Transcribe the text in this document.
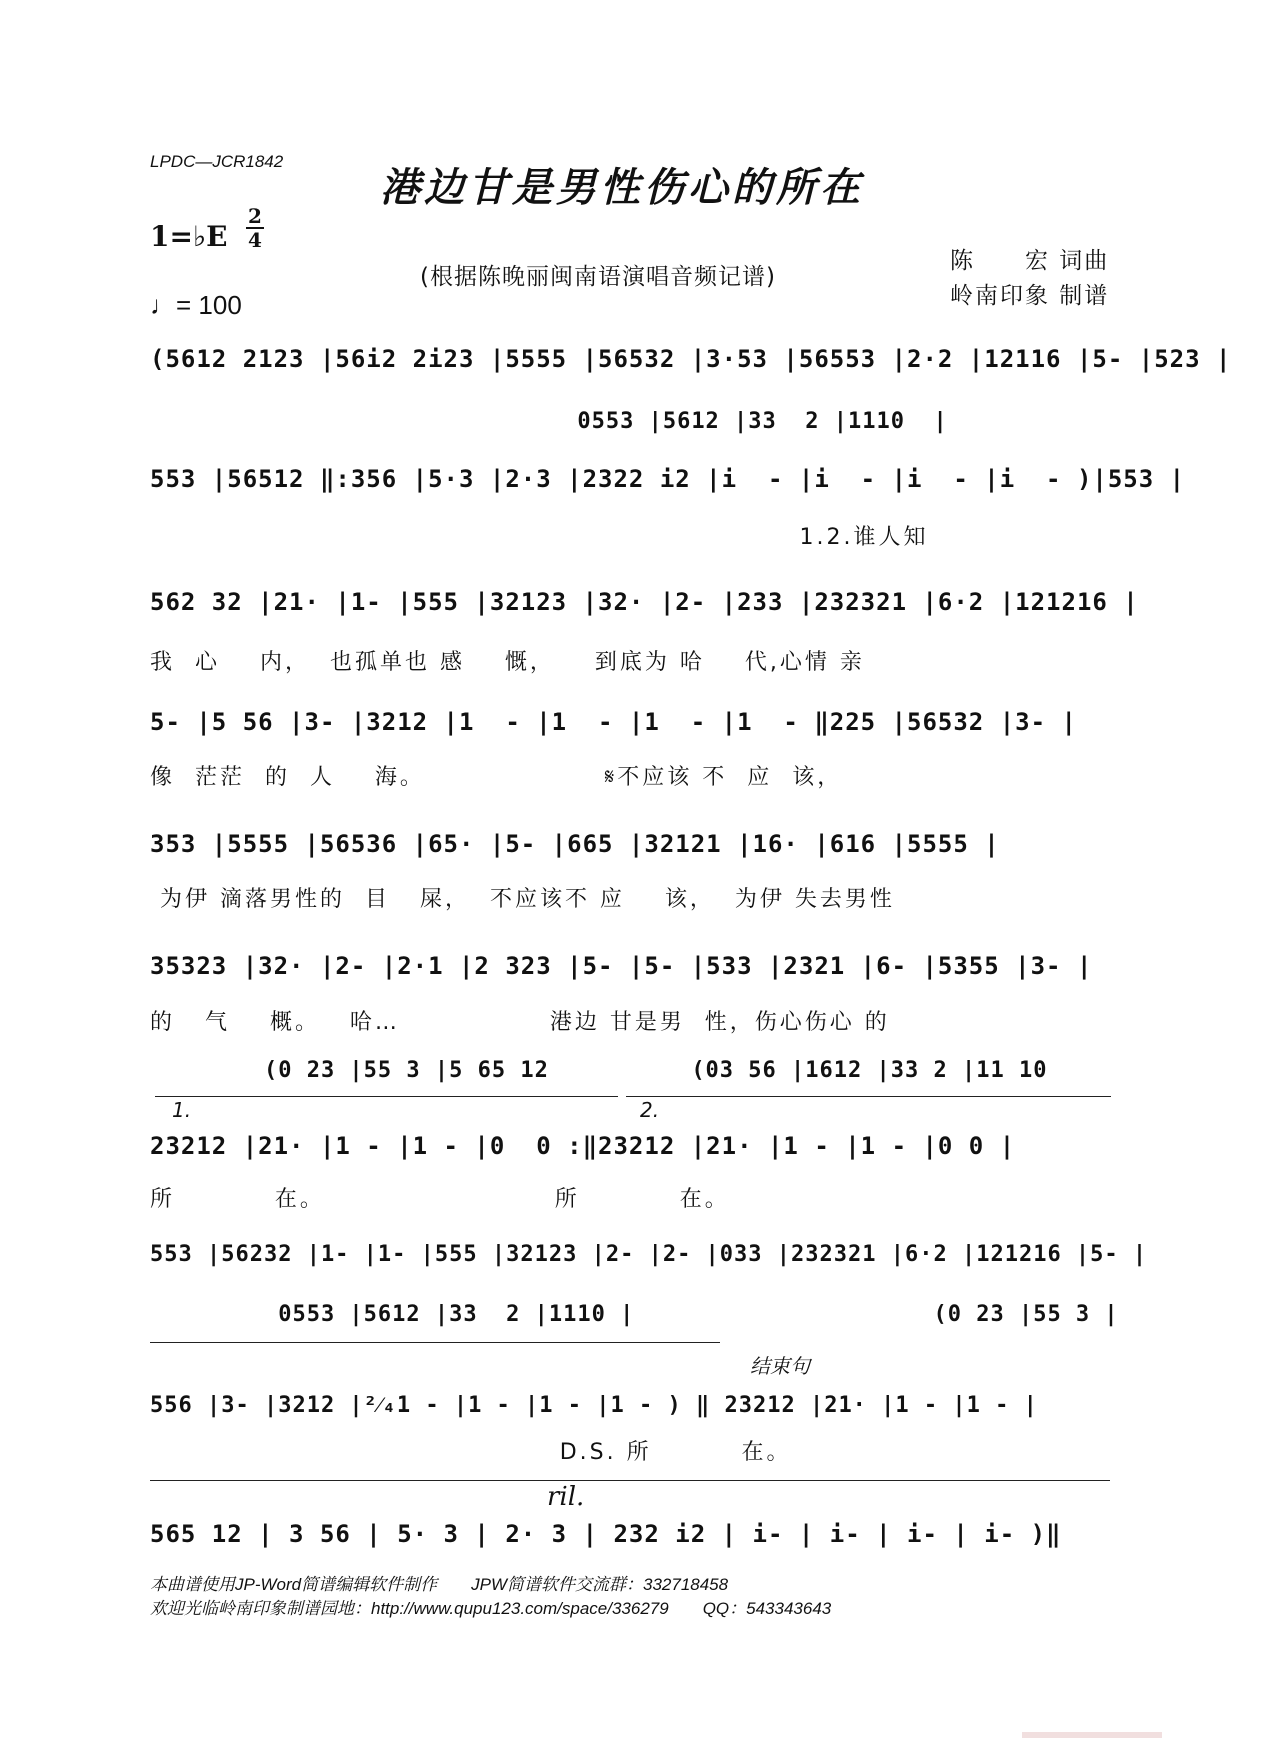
LPDC—JCR1842
港边甘是男性伤心的所在
1=♭E
2
4
♩= 100
(根据陈晚丽闽南语演唱音频记谱)
陈　　宏 词曲
岭南印象 制谱
(5612 2123 |56i2 2i23 |5555 |56532 |3·53 |56553 |2·2 |12116 |5- |523 |
0553 |5612 |33  2 |1110  |
553 |56512 ‖:356 |5·3 |2·3 |2322 i2 |i  - |i  - |i  - |i  - )|553 |
1.2.谁人知
562 32 |21· |1- |555 |32123 |32· |2- |233 |232321 |6·2 |121216 |
我  心    内，  也孤单也 感    慨，    到底为 哈    代,心情 亲
5- |5 56 |3- |3212 |1  - |1  - |1  - |1  - ‖225 |56532 |3- |
像  茫茫  的  人    海。                  𝄋不应该 不  应  该，
353 |5555 |56536 |65· |5- |665 |32121 |16· |616 |5555 |
为伊 滴落男性的  目   屎，  不应该不 应    该，  为伊 失去男性
35323 |32· |2- |2·1 |2 323 |5- |5- |533 |2321 |6- |5355 |3- |
的   气    概。   哈…               港边 甘是男  性，伤心伤心 的
(0 23 |55 3 |5 65 12          (03 56 |1612 |33 2 |11 10
1.	2.
23212 |21· |1 - |1 - |0  0 :‖23212 |21· |1 - |1 - |0 0 |
所          在。                       所          在。
553 |56232 |1- |1- |555 |32123 |2- |2- |033 |232321 |6·2 |121216 |5- |
0553 |5612 |33  2 |1110 |                     (0 23 |55 3 |
结束句
556 |3- |3212 |²⁄₄1 - |1 - |1 - |1 - ) ‖ 23212 |21· |1 - |1 - |
D.S. 所         在。
ril.
565 12 | 3 56 | 5· 3 | 2· 3 | 232 i2 | i- | i- | i- | i- )‖
本曲谱使用JP-Word简谱编辑软件制作　　JPW简谱软件交流群：332718458
欢迎光临岭南印象制谱园地：http://www.qupu123.com/space/336279　　QQ：543343643
